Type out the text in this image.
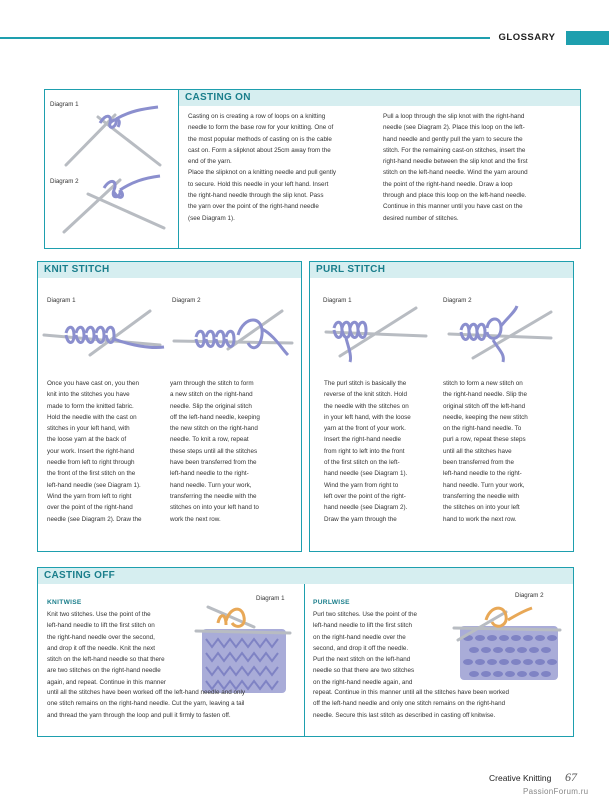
GLOSSARY
CASTING ON
Diagram 1
Diagram 2
Casting on is creating a row of loops on a knitting
needle to form the base row for your knitting. One of
the most popular methods of casting on is the cable
cast on. Form a slipknot about 25cm away from the
end of the yarn.
Place the slipknot on a knitting needle and pull gently
to secure. Hold this needle in your left hand. Insert
the right-hand needle through the slip knot. Pass
the yarn over the point of the right-hand needle
(see Diagram 1).
Pull a loop through the slip knot with the right-hand
needle (see Diagram 2). Place this loop on the left-
hand needle and gently pull the yarn to secure the
stitch. For the remaining cast-on stitches, insert the
right-hand needle between the slip knot and the first
stitch on the left-hand needle. Wind the yarn around
the point of the right-hand needle. Draw a loop
through and place this loop on the left-hand needle.
Continue in this manner until you have cast on the
desired number of stitches.
KNIT STITCH
Diagram 1	Diagram 2
Once you have cast on, you then
knit into the stitches you have
made to form the knitted fabric.
Hold the needle with the cast on
stitches in your left hand, with
the loose yarn at the back of
your work. Insert the right-hand
needle from left to right through
the front of the first stitch on the
left-hand needle (see Diagram 1).
Wind the yarn from left to right
over the point of the right-hand
needle (see Diagram 2). Draw the
yarn through the stitch to form
a new stitch on the right-hand
needle. Slip the original stitch
off the left-hand needle, keeping
the new stitch on the right-hand
needle. To knit a row, repeat
these steps until all the stitches
have been transferred from the
left-hand needle to the right-
hand needle. Turn your work,
transferring the needle with the
stitches on into your left hand to
work the next row.
PURL STITCH
Diagram 1	Diagram 2
The purl stitch is basically the
reverse of the knit stitch. Hold
the needle with the stitches on
in your left hand, with the loose
yarn at the front of your work.
Insert the right-hand needle
from right to left into the front
of the first stitch on the left-
hand needle (see Diagram 1).
Wind the yarn from right to
left over the point of the right-
hand needle (see Diagram 2).
Draw the yarn through the
stitch to form a new stitch on
the right-hand needle. Slip the
original stitch off the left-hand
needle, keeping the new stitch
on the right-hand needle. To
purl a row, repeat these steps
until all the stitches have
been transferred from the
left-hand needle to the right-
hand needle. Turn your work,
transferring the needle with
the stitches on into your left
hand to work the next row.
CASTING OFF
KNITWISE
Diagram 1
Knit two stitches. Use the point of the
left-hand needle to lift the first stitch on
the right-hand needle over the second,
and drop it off the needle. Knit the next
stitch on the left-hand needle so that there
are two stitches on the right-hand needle
again, and repeat. Continue in this manner
until all the stitches have been worked off the left-hand needle and only
one stitch remains on the right-hand needle. Cut the yarn, leaving a tail
and thread the yarn through the loop and pull it firmly to fasten off.
PURLWISE
Diagram 2
Purl two stitches. Use the point of the
left-hand needle to lift the first stitch
on the right-hand needle over the
second, and drop it off the needle.
Purl the next stitch on the left-hand
needle so that there are two stitches
on the right-hand needle again, and
repeat. Continue in this manner until all the stitches have been worked
off the left-hand needle and only one stitch remains on the right-hand
needle. Secure this last stitch as described in casting off knitwise.
Creative Knitting 67
PassionForum.ru
